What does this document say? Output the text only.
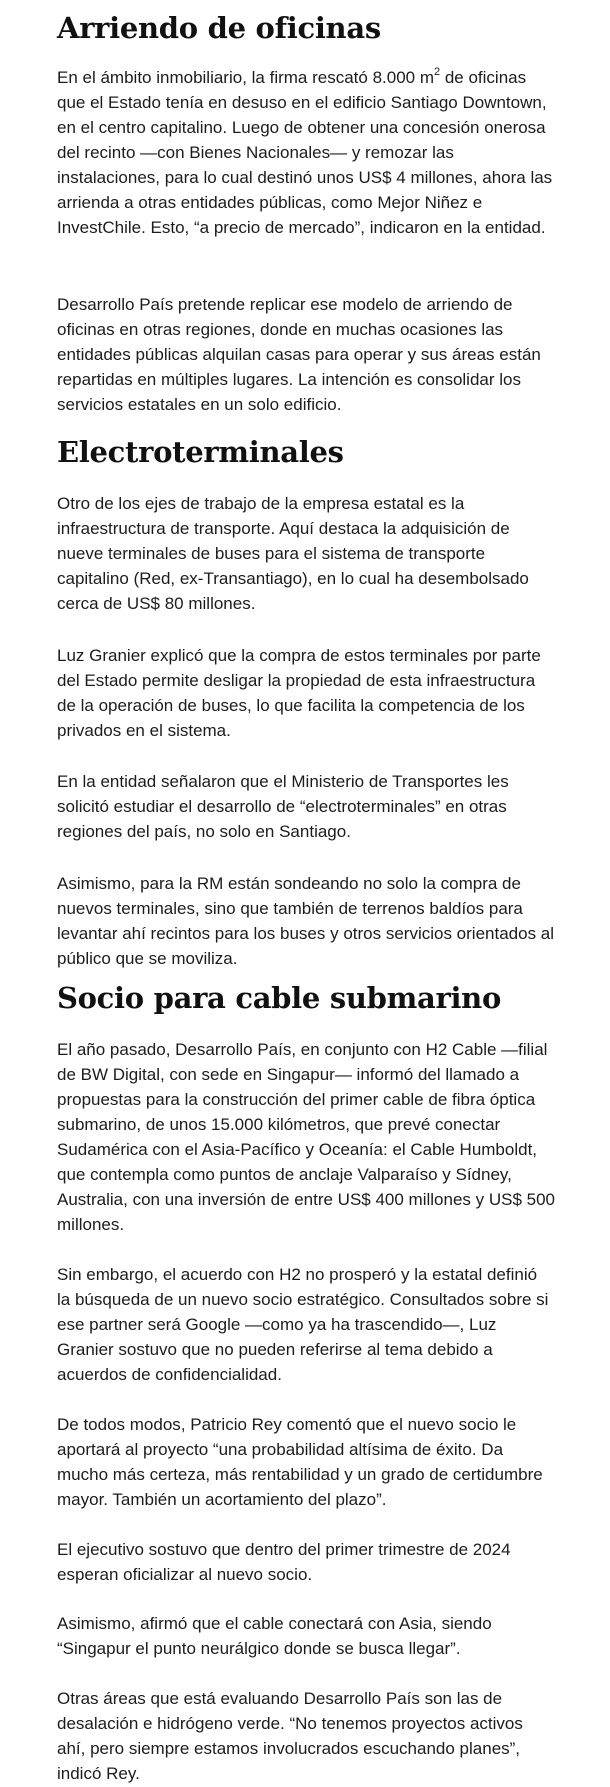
Arriendo de oficinas

En el ámbito inmobiliario, la firma rescató 8.000 $m^2$ de oficinas que el Estado tenía en desuso en el edificio Santiago Downtown, en el centro capitalino. Luego de obtener una concesión onerosa del recinto —con Bienes Nacionales— y remozar las instalaciones, para lo cual destinó unos US$ 4 millones, ahora las arrienda a otras entidades públicas, como Mejor Niñez e InvestChile. Esto, “a precio de mercado”, indicaron en la entidad.

Desarrollo País pretende replicar ese modelo de arriendo de oficinas en otras regiones, donde en muchas ocasiones las entidades públicas alquilan casas para operar y sus áreas están repartidas en múltiples lugares. La intención es consolidar los servicios estatales en un solo edificio.

Electroterminales

Otro de los ejes de trabajo de la empresa estatal es la infraestructura de transporte. Aquí destaca la adquisición de nueve terminales de buses para el sistema de transporte capitalino (Red, ex-Transantiago), en lo cual ha desembolsado cerca de US$ 80 millones.

Luz Granier explicó que la compra de estos terminales por parte del Estado permite desligar la propiedad de esta infraestructura de la operación de buses, lo que facilita la competencia de los privados en el sistema.

En la entidad señalaron que el Ministerio de Transportes les solicitó estudiar el desarrollo de “electroterminales” en otras regiones del país, no solo en Santiago.

Asimismo, para la RM están sondeando no solo la compra de nuevos terminales, sino que también de terrenos baldíos para levantar ahí recintos para los buses y otros servicios orientados al público que se moviliza.

Socio para cable submarino

El año pasado, Desarrollo País, en conjunto con H2 Cable —filial de BW Digital, con sede en Singapur— informó del llamado a propuestas para la construcción del primer cable de fibra óptica submarino, de unos 15.000 kilómetros, que prevé conectar Sudamérica con el Asia-Pacífico y Oceanía: el Cable Humboldt, que contempla como puntos de anclaje Valparaíso y Sídney, Australia, con una inversión de entre US$ 400 millones y US$ 500 millones.

Sin embargo, el acuerdo con H2 no prosperó y la estatal definió la búsqueda de un nuevo socio estratégico. Consultados sobre si ese partner será Google —como ya ha trascendido—, Luz Granier sostuvo que no pueden referirse al tema debido a acuerdos de confidencialidad.

De todos modos, Patricio Rey comentó que el nuevo socio le aportará al proyecto “una probabilidad altísima de éxito. Da mucho más certeza, más rentabilidad y un grado de certidumbre mayor. También un acortamiento del plazo”.

El ejecutivo sostuvo que dentro del primer trimestre de 2024 esperan oficializar al nuevo socio.

Asimismo, afirmó que el cable conectará con Asia, siendo “Singapur el punto neurálgico donde se busca llegar”.

Otras áreas que está evaluando Desarrollo País son las de desalación e hidrógeno verde. “No tenemos proyectos activos ahí, pero siempre estamos involucrados escuchando planes”, indicó Rey.
